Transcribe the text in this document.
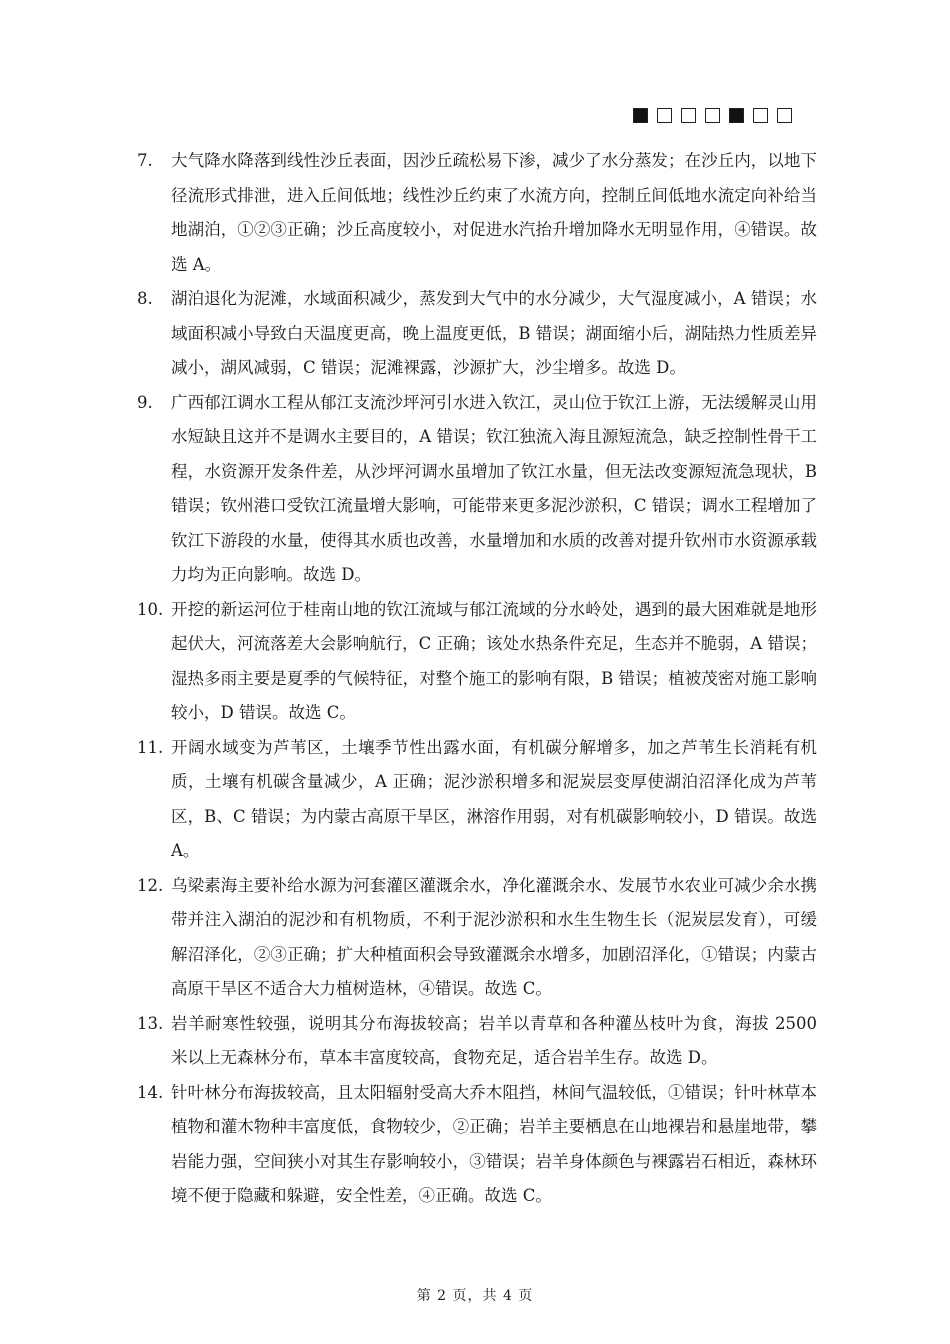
7. 大气降水降落到线性沙丘表面，因沙丘疏松易下渗，减少了水分蒸发；在沙丘内，以地下径流形式排泄，进入丘间低地；线性沙丘约束了水流方向，控制丘间低地水流定向补给当地湖泊，①②③正确；沙丘高度较小，对促进水汽抬升增加降水无明显作用，④错误。故选 A。
8. 湖泊退化为泥滩，水域面积减少，蒸发到大气中的水分减少，大气湿度减小，A 错误；水域面积减小导致白天温度更高，晚上温度更低，B 错误；湖面缩小后，湖陆热力性质差异减小，湖风减弱，C 错误；泥滩裸露，沙源扩大，沙尘增多。故选 D。
9. 广西郁江调水工程从郁江支流沙坪河引水进入钦江，灵山位于钦江上游，无法缓解灵山用水短缺且这并不是调水主要目的，A 错误；钦江独流入海且源短流急，缺乏控制性骨干工程，水资源开发条件差，从沙坪河调水虽增加了钦江水量，但无法改变源短流急现状，B 错误；钦州港口受钦江流量增大影响，可能带来更多泥沙淤积，C 错误；调水工程增加了钦江下游段的水量，使得其水质也改善，水量增加和水质的改善对提升钦州市水资源承载力均为正向影响。故选 D。
10. 开挖的新运河位于桂南山地的钦江流域与郁江流域的分水岭处，遇到的最大困难就是地形起伏大，河流落差大会影响航行，C 正确；该处水热条件充足，生态并不脆弱，A 错误；湿热多雨主要是夏季的气候特征，对整个施工的影响有限，B 错误；植被茂密对施工影响较小，D 错误。故选 C。
11. 开阔水域变为芦苇区，土壤季节性出露水面，有机碳分解增多，加之芦苇生长消耗有机质，土壤有机碳含量减少，A 正确；泥沙淤积增多和泥炭层变厚使湖泊沼泽化成为芦苇区，B、C 错误；为内蒙古高原干旱区，淋溶作用弱，对有机碳影响较小，D 错误。故选 A。
12. 乌梁素海主要补给水源为河套灌区灌溉余水，净化灌溉余水、发展节水农业可减少余水携带并注入湖泊的泥沙和有机物质，不利于泥沙淤积和水生生物生长（泥炭层发育），可缓解沼泽化，②③正确；扩大种植面积会导致灌溉余水增多，加剧沼泽化，①错误；内蒙古高原干旱区不适合大力植树造林，④错误。故选 C。
13. 岩羊耐寒性较强，说明其分布海拔较高；岩羊以青草和各种灌丛枝叶为食，海拔 2500 米以上无森林分布，草本丰富度较高，食物充足，适合岩羊生存。故选 D。
14. 针叶林分布海拔较高，且太阳辐射受高大乔木阻挡，林间气温较低，①错误；针叶林草本植物和灌木物种丰富度低，食物较少，②正确；岩羊主要栖息在山地裸岩和悬崖地带，攀岩能力强，空间狭小对其生存影响较小，③错误；岩羊身体颜色与裸露岩石相近，森林环境不便于隐藏和躲避，安全性差，④正确。故选 C。
第 2 页，共 4 页
